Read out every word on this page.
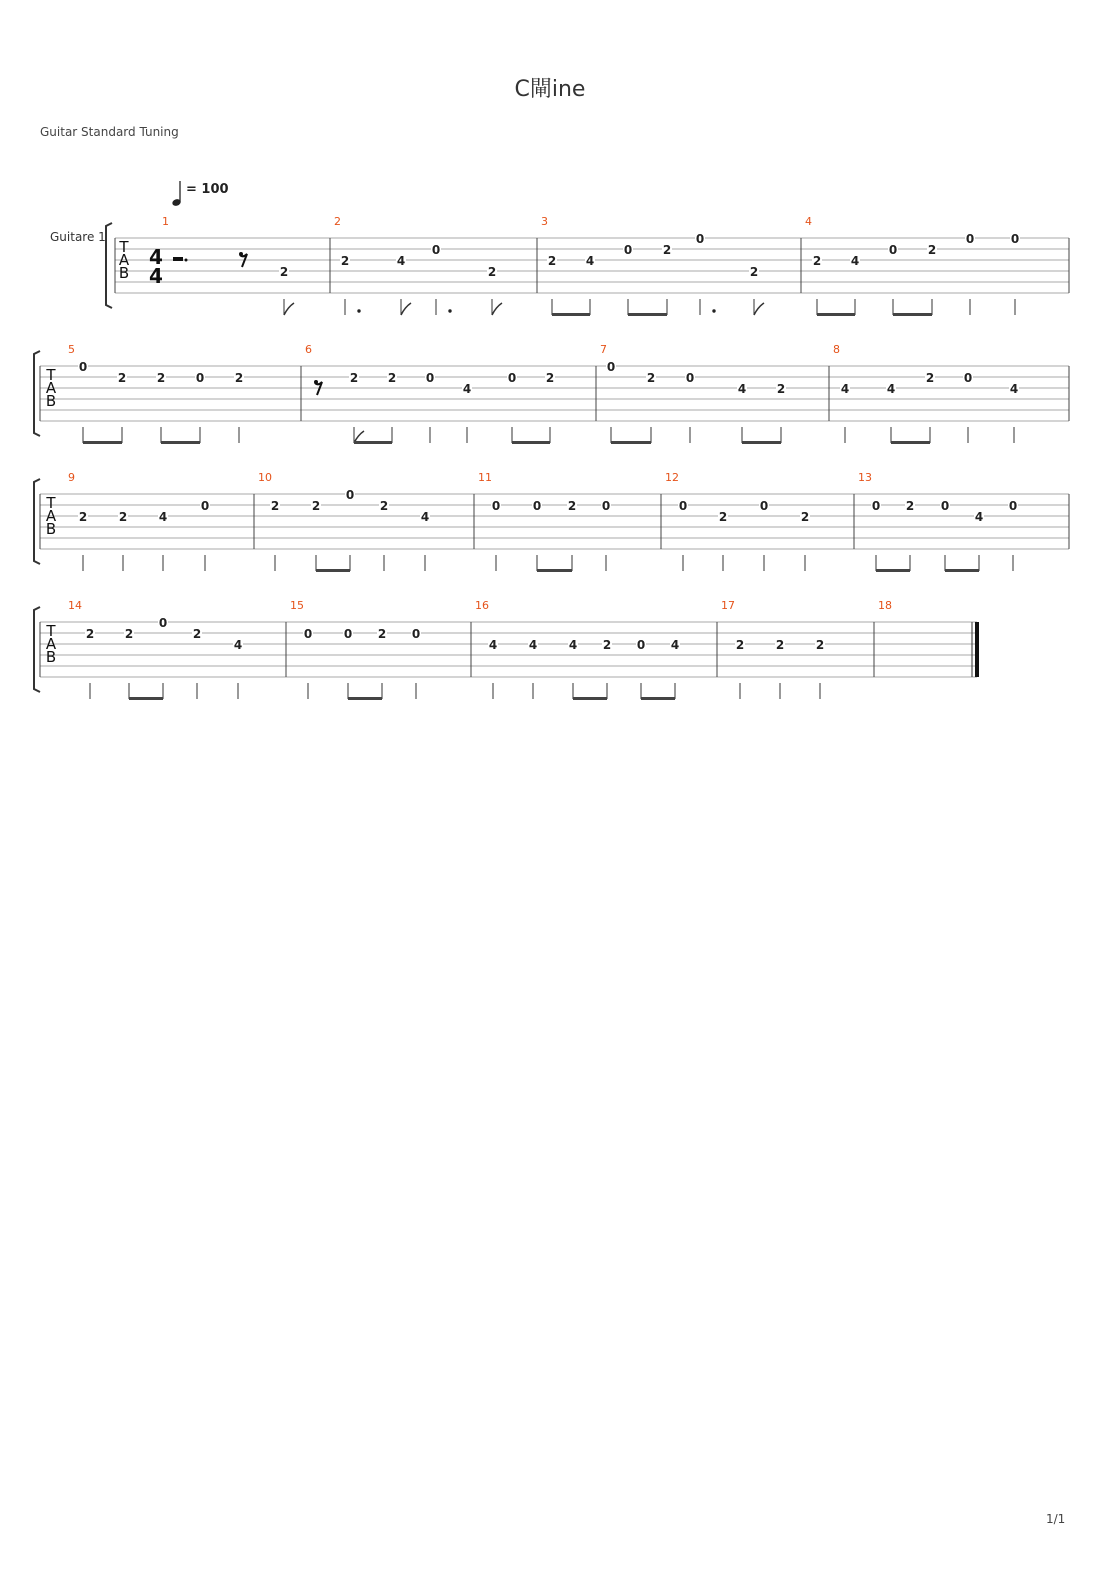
C閘ine
Guitar Standard Tuning
1/1
= 100
Guitare 1
T
A
B
4
4
1
2
2
2	4
0
2
3
2 4
0	2
0
2
4
2 4
0	2
0	0
T
A
B
5
0
2	2	0	2
6
2 2 0
4
0 2
7
0
2	0
4	2
8
4	4
2 0
4
T
A
B
9
2	2	4
0
10
2	2
0
2
4
11
0	0 2 0
12
0
2
0
2
13
0 2 0
4
0
T
A
B
14
2	2
0
2
4
15
0	0 2 0
16
4	4	4 2 0 4
17
2	2	2
18
